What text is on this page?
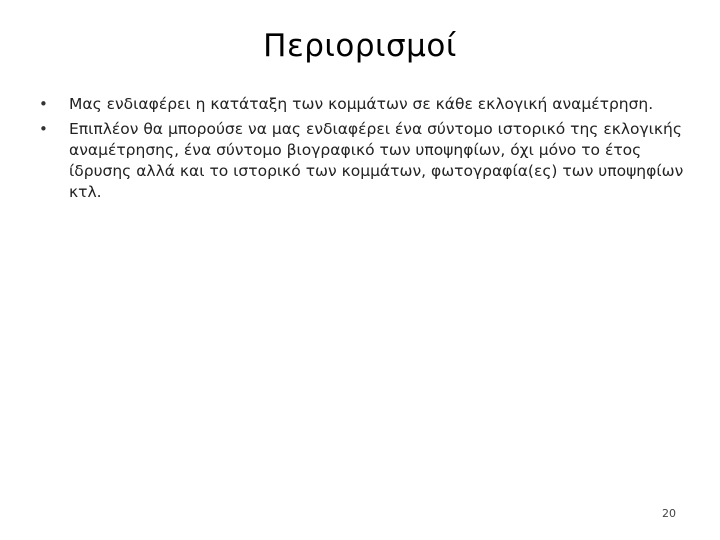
Περιορισμοί
• Μας ενδιαφέρει η κατάταξη των κομμάτων σε κάθε εκλογική αναμέτρηση.
• Επιπλέον θα μπορούσε να μας ενδιαφέρει ένα σύντομο ιστορικό της εκλογικής αναμέτρησης, ένα σύντομο βιογραφικό των υποψηφίων, όχι μόνο το έτος ίδρυσης αλλά και το ιστορικό των κομμάτων, φωτογραφία(ες) των υποψηφίων κτλ.
20
